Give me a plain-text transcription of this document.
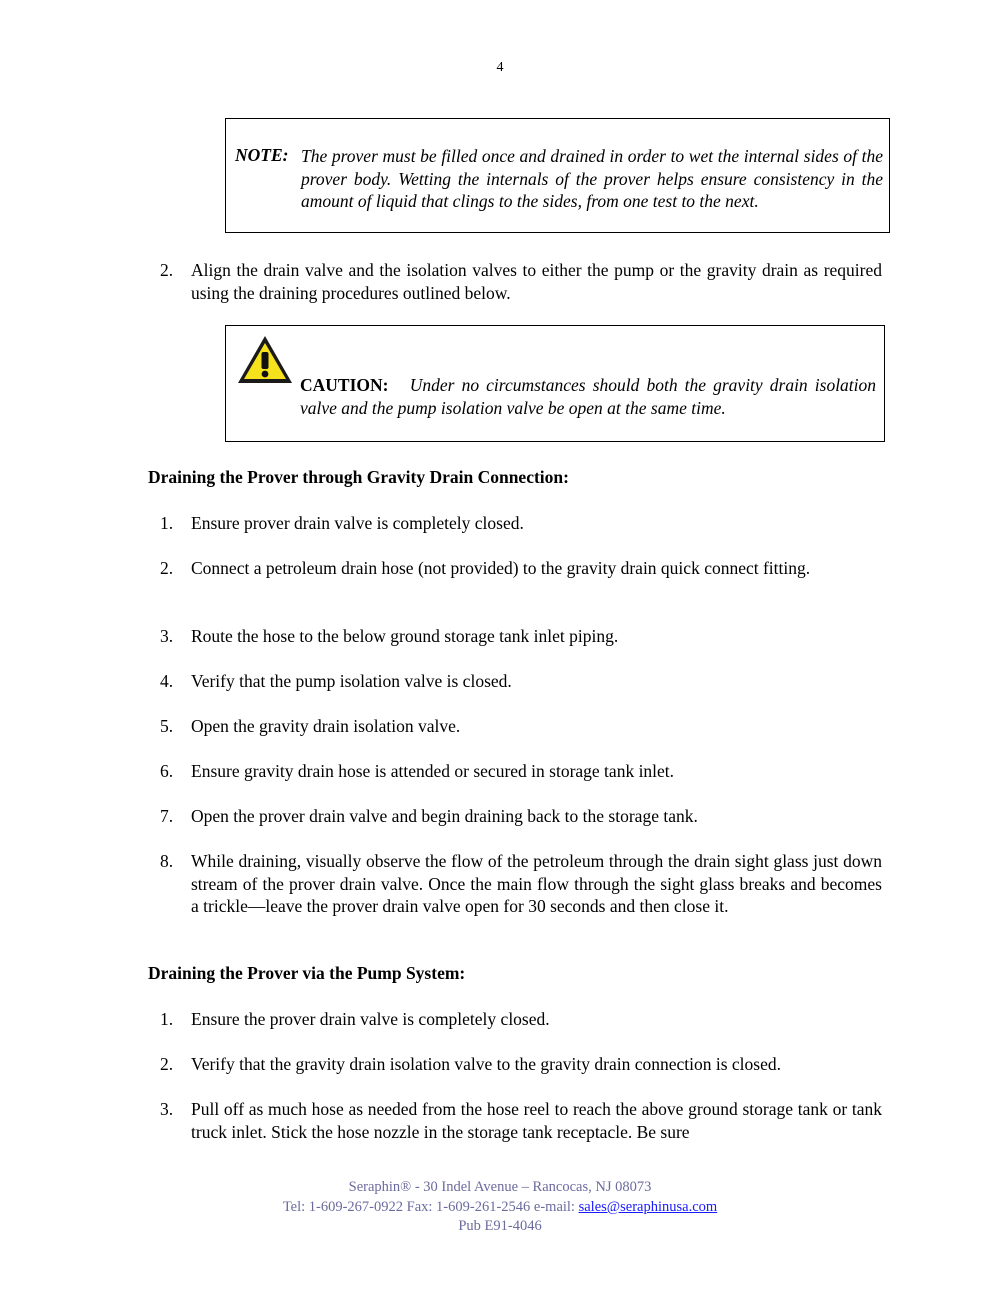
4
NOTE: The prover must be filled once and drained in order to wet the internal sides of the prover body. Wetting the internals of the prover helps ensure consistency in the amount of liquid that clings to the sides, from one test to the next.
2.	Align the drain valve and the isolation valves to either the pump or the gravity drain as required using the draining procedures outlined below.
CAUTION: Under no circumstances should both the gravity drain isolation valve and the pump isolation valve be open at the same time.
Draining the Prover through Gravity Drain Connection:
1.	Ensure prover drain valve is completely closed.
2.	Connect a petroleum drain hose (not provided) to the gravity drain quick connect fitting.
3.	Route the hose to the below ground storage tank inlet piping.
4.	Verify that the pump isolation valve is closed.
5.	Open the gravity drain isolation valve.
6.	Ensure gravity drain hose is attended or secured in storage tank inlet.
7.	Open the prover drain valve and begin draining back to the storage tank.
8.	While draining, visually observe the flow of the petroleum through the drain sight glass just down stream of the prover drain valve. Once the main flow through the sight glass breaks and becomes a trickle—leave the prover drain valve open for 30 seconds and then close it.
Draining the Prover via the Pump System:
1.	Ensure the prover drain valve is completely closed.
2.	Verify that the gravity drain isolation valve to the gravity drain connection is closed.
3.	Pull off as much hose as needed from the hose reel to reach the above ground storage tank or tank truck inlet. Stick the hose nozzle in the storage tank receptacle. Be sure
Seraphin® - 30 Indel Avenue – Rancocas, NJ 08073
Tel: 1-609-267-0922 Fax: 1-609-261-2546 e-mail: sales@seraphinusa.com
Pub E91-4046
